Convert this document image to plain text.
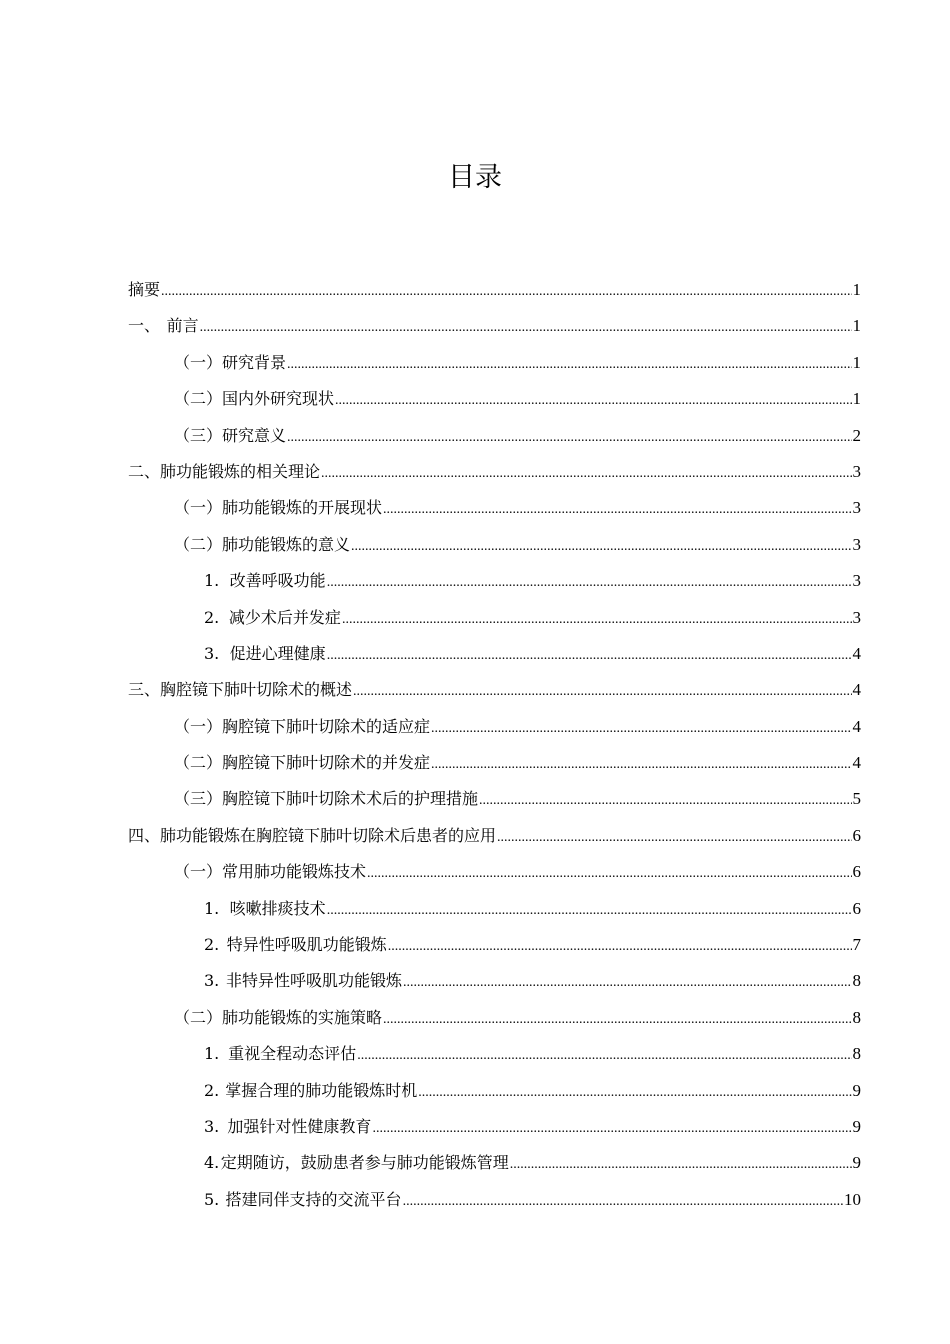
目录
摘要 .....	1
一、 前言 .....	1
（一） 研究背景 .....	1
（二） 国内外研究现状 .....	1
（三） 研究意义 .....	2
二、 肺功能锻炼的相关理论 .....	3
（一） 肺功能锻炼的开展现状 .....	3
（二） 肺功能锻炼的意义 .....	3
1. 改善呼吸功能 .....	3
2. 减少术后并发症 .....	3
3. 促进心理健康 .....	4
三、 胸腔镜下肺叶切除术的概述 .....	4
（一） 胸腔镜下肺叶切除术的适应症 .....	4
（二） 胸腔镜下肺叶切除术的并发症 .....	4
（三） 胸腔镜下肺叶切除术术后的护理措施 .....	5
四、 肺功能锻炼在胸腔镜下肺叶切除术后患者的应用 .....	6
（一） 常用肺功能锻炼技术 .....	6
1. 咳嗽排痰技术 .....	6
2. 特异性呼吸肌功能锻炼 .....	7
3. 非特异性呼吸肌功能锻炼 .....	8
（二） 肺功能锻炼的实施策略 .....	8
1. 重视全程动态评估 .....	8
2. 掌握合理的肺功能锻炼时机 .....	9
3. 加强针对性健康教育 .....	9
4. 定期随访，鼓励患者参与肺功能锻炼管理 .....	9
5. 搭建同伴支持的交流平台 .....	10
